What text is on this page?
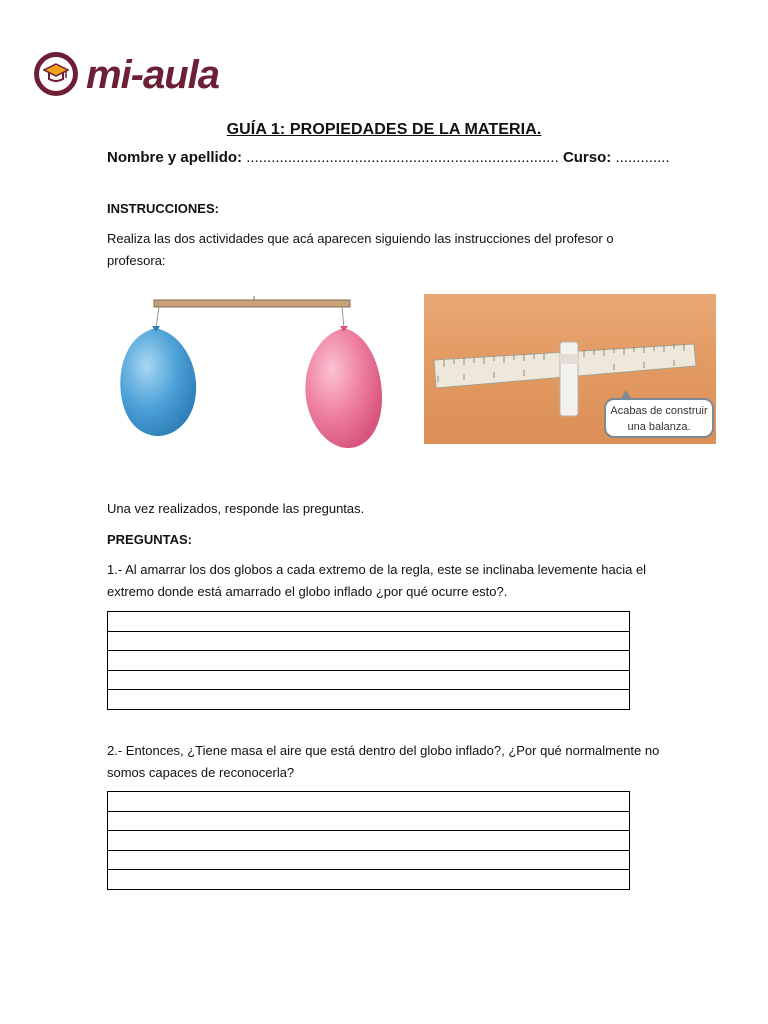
mi-aula
GUÍA 1: PROPIEDADES DE LA MATERIA.
Nombre y apellido: ........................................................................... Curso: .............
INSTRUCCIONES:
Realiza las dos actividades que acá aparecen siguiendo las instrucciones del profesor o profesora:
Acabas de construir
una balanza.
Una vez realizados, responde las preguntas.
PREGUNTAS:
1.- Al amarrar los dos globos a cada extremo de la regla, este se inclinaba levemente hacia el extremo donde está amarrado el globo inflado ¿por qué ocurre esto?.
2.- Entonces, ¿Tiene masa el aire que está dentro del globo inflado?, ¿Por qué normalmente no somos capaces de reconocerla?
